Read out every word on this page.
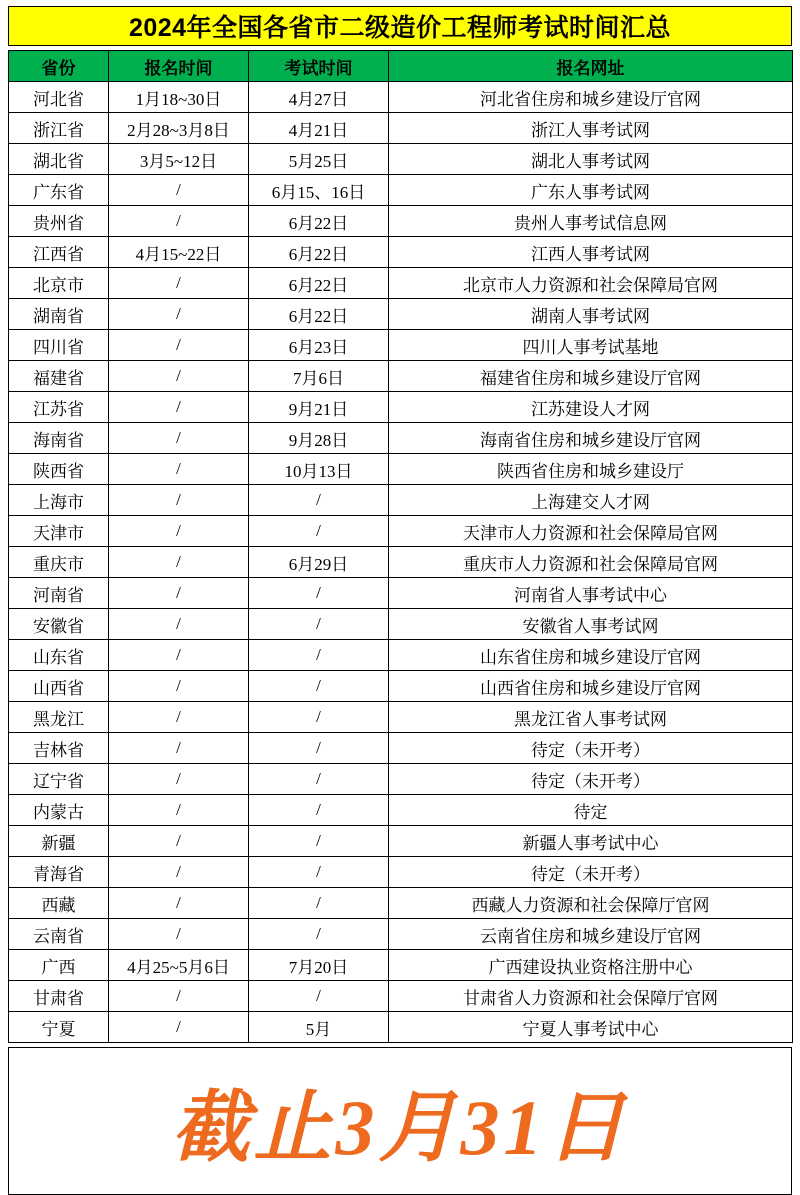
2024年全国各省市二级造价工程师考试时间汇总
省份	报名时间	考试时间	报名网址
河北省	1月18~30日	4月27日	河北省住房和城乡建设厅官网
浙江省	2月28~3月8日	4月21日	浙江人事考试网
湖北省	3月5~12日	5月25日	湖北人事考试网
广东省	/	6月15、16日	广东人事考试网
贵州省	/	6月22日	贵州人事考试信息网
江西省	4月15~22日	6月22日	江西人事考试网
北京市	/	6月22日	北京市人力资源和社会保障局官网
湖南省	/	6月22日	湖南人事考试网
四川省	/	6月23日	四川人事考试基地
福建省	/	7月6日	福建省住房和城乡建设厅官网
江苏省	/	9月21日	江苏建设人才网
海南省	/	9月28日	海南省住房和城乡建设厅官网
陕西省	/	10月13日	陕西省住房和城乡建设厅
上海市	/	/	上海建交人才网
天津市	/	/	天津市人力资源和社会保障局官网
重庆市	/	6月29日	重庆市人力资源和社会保障局官网
河南省	/	/	河南省人事考试中心
安徽省	/	/	安徽省人事考试网
山东省	/	/	山东省住房和城乡建设厅官网
山西省	/	/	山西省住房和城乡建设厅官网
黑龙江	/	/	黑龙江省人事考试网
吉林省	/	/	待定（未开考）
辽宁省	/	/	待定（未开考）
内蒙古	/	/	待定
新疆	/	/	新疆人事考试中心
青海省	/	/	待定（未开考）
西藏	/	/	西藏人力资源和社会保障厅官网
云南省	/	/	云南省住房和城乡建设厅官网
广西	4月25~5月6日	7月20日	广西建设执业资格注册中心
甘肃省	/	/	甘肃省人力资源和社会保障厅官网
宁夏	/	5月	宁夏人事考试中心
截止3月31日
